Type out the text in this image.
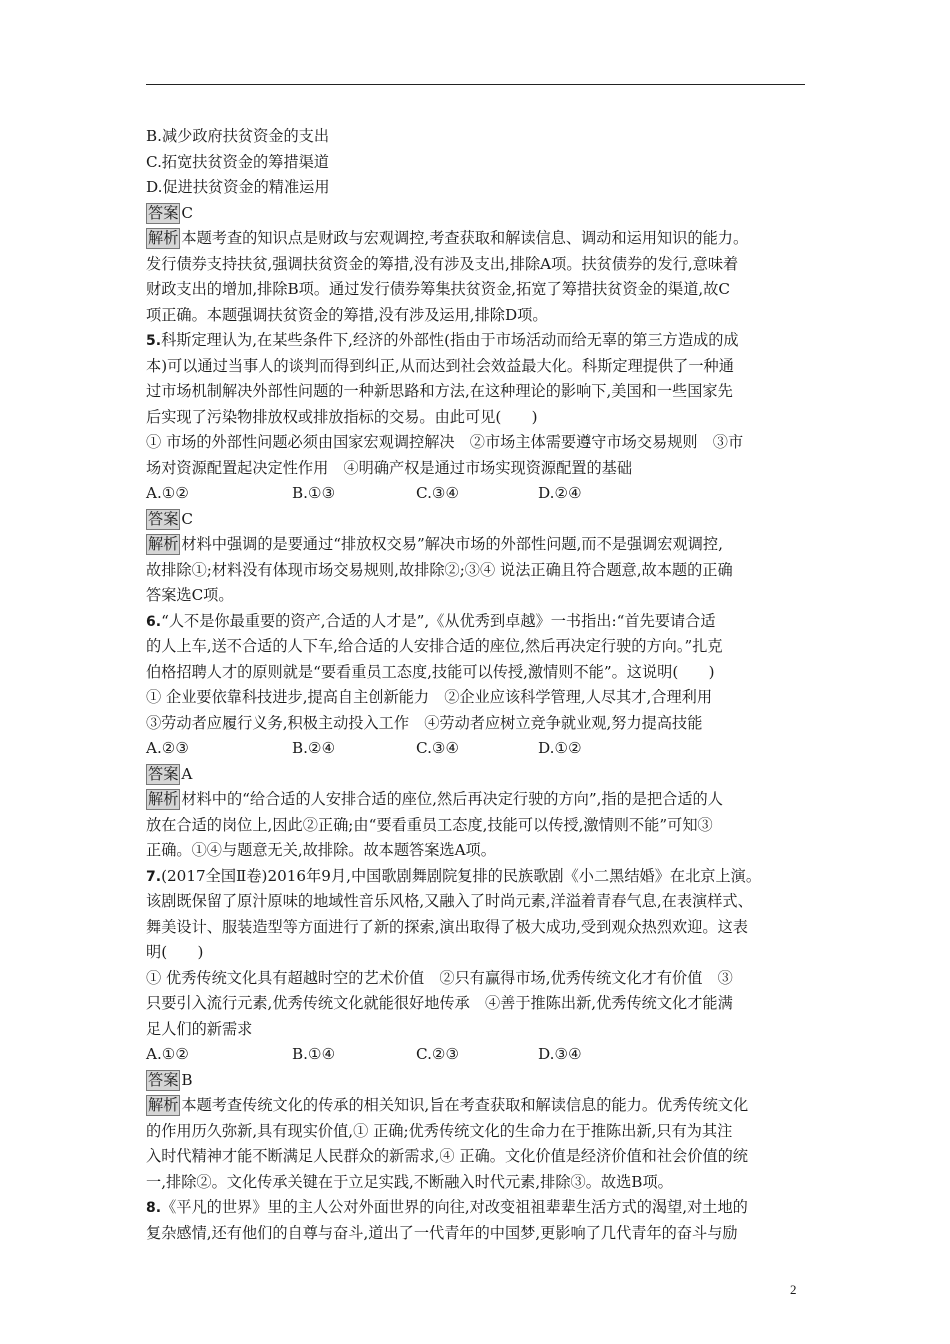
B.减少政府扶贫资金的支出
C.拓宽扶贫资金的筹措渠道
D.促进扶贫资金的精准运用
答案 C
解析 本题考查的知识点是财政与宏观调控,考查获取和解读信息、调动和运用知识的能力。
发行债券支持扶贫,强调扶贫资金的筹措,没有涉及支出,排除A项。扶贫债券的发行,意味着
财政支出的增加,排除B项。通过发行债券筹集扶贫资金,拓宽了筹措扶贫资金的渠道,故C
项正确。本题强调扶贫资金的筹措,没有涉及运用,排除D项。
5.科斯定理认为,在某些条件下,经济的外部性(指由于市场活动而给无辜的第三方造成的成
本)可以通过当事人的谈判而得到纠正,从而达到社会效益最大化。科斯定理提供了一种通
过市场机制解决外部性问题的一种新思路和方法,在这种理论的影响下,美国和一些国家先
后实现了污染物排放权或排放指标的交易。由此可见(　　)
① 市场的外部性问题必须由国家宏观调控解决　②市场主体需要遵守市场交易规则　③市
场对资源配置起决定性作用　④明确产权是通过市场实现资源配置的基础
A.①②	B.①③	C.③④	D.②④
答案 C
解析 材料中强调的是要通过“排放权交易”解决市场的外部性问题,而不是强调宏观调控,
故排除①;材料没有体现市场交易规则,故排除②;③④ 说法正确且符合题意,故本题的正确
答案选C项。
6.“人不是你最重要的资产,合适的人才是”,《从优秀到卓越》一书指出:“首先要请合适
的人上车,送不合适的人下车,给合适的人安排合适的座位,然后再决定行驶的方向。”扎克
伯格招聘人才的原则就是“要看重员工态度,技能可以传授,激情则不能”。这说明(　　)
① 企业要依靠科技进步,提高自主创新能力　②企业应该科学管理,人尽其才,合理利用
③劳动者应履行义务,积极主动投入工作　④劳动者应树立竞争就业观,努力提高技能
A.②③	B.②④	C.③④	D.①②
答案 A
解析 材料中的“给合适的人安排合适的座位,然后再决定行驶的方向”,指的是把合适的人
放在合适的岗位上,因此②正确;由“要看重员工态度,技能可以传授,激情则不能”可知③
正确。①④与题意无关,故排除。故本题答案选A项。
7.(2017全国Ⅱ卷)2016年9月,中国歌剧舞剧院复排的民族歌剧《小二黑结婚》在北京上演。
该剧既保留了原汁原味的地域性音乐风格,又融入了时尚元素,洋溢着青春气息,在表演样式、
舞美设计、服装造型等方面进行了新的探索,演出取得了极大成功,受到观众热烈欢迎。这表
明(　　)
① 优秀传统文化具有超越时空的艺术价值　②只有赢得市场,优秀传统文化才有价值　③
只要引入流行元素,优秀传统文化就能很好地传承　④善于推陈出新,优秀传统文化才能满
足人们的新需求
A.①②	B.①④	C.②③	D.③④
答案 B
解析 本题考查传统文化的传承的相关知识,旨在考查获取和解读信息的能力。优秀传统文化
的作用历久弥新,具有现实价值,① 正确;优秀传统文化的生命力在于推陈出新,只有为其注
入时代精神才能不断满足人民群众的新需求,④ 正确。文化价值是经济价值和社会价值的统
一,排除②。文化传承关键在于立足实践,不断融入时代元素,排除③。故选B项。
8.《平凡的世界》里的主人公对外面世界的向往,对改变祖祖辈辈生活方式的渴望,对土地的
复杂感情,还有他们的自尊与奋斗,道出了一代青年的中国梦,更影响了几代青年的奋斗与励
2
